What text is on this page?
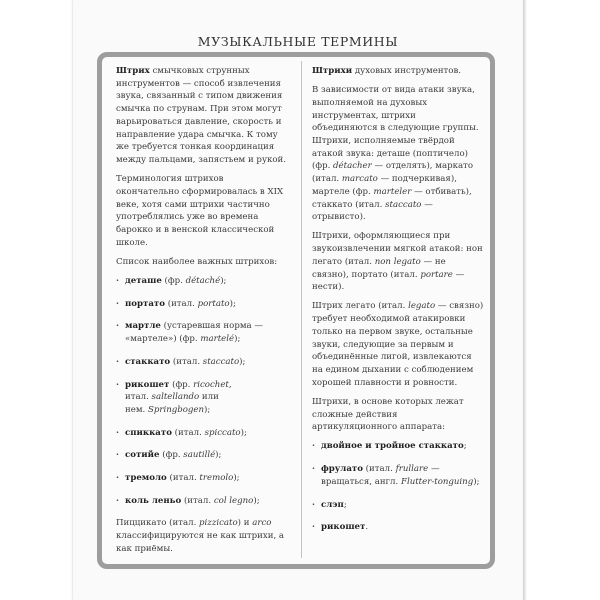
МУЗЫКАЛЬНЫЕ ТЕРМИНЫ

Штрих смычковых струнных инструментов — способ извлечения звука, связанный с типом движения смычка по струнам. При этом могут варьироваться давление, скорость и направление удара смычка. К тому же требуется тонкая координация между пальцами, запястьем и рукой.

Терминология штрихов окончательно сформировалась в XIX веке, хотя сами штрихи частично употреблялись уже во времена барокко и в венской классической школе.

Список наиболее важных штрихов:

· деташе (фр. détaché);
· портато (итал. portato);
· мартле (устаревшая норма — «мартеле») (фр. martelé);
· стаккато (итал. staccato);
· рикошет (фр. ricochet,
итал. saltellando или
нем. Springbogen);
· спиккато (итал. spiccato);
· сотийе (фр. sautillé);
· тремоло (итал. tremolo);
· коль леньо (итал. col legno);

Пиццикато (итал. pizzicato) и arco классифицируются не как штрихи, а как приёмы.

Штрихи духовых инструментов.

В зависимости от вида атаки звука, выполняемой на духовых инструментах, штрихи объединяются в следующие группы.

Штрихи, исполняемые твёрдой атакой звука: деташе (поптичело) (фр. détacher — отделять), маркато (итал. marcato — подчеркивая), мартеле (фр. marteler — отбивать), стаккато (итал. staccato — отрывисто).

Штрихи, оформляющиеся при звукоизвлечении мягкой атакой: нон легато (итал. non legato — не связно), портато (итал. portare — нести).

Штрих легато (итал. legato — связно) требует необходимой атакировки только на первом звуке, остальные звуки, следующие за первым и объединённые лигой, извлекаются на едином дыхании с соблюдением хорошей плавности и ровности.

Штрихи, в основе которых лежат сложные действия артикуляционного аппарата:

· двойное и тройное стаккато;
· фрулато (итал. frullare — вращаться, англ. Flutter-tonguing);
· слэп;
· рикошет.
